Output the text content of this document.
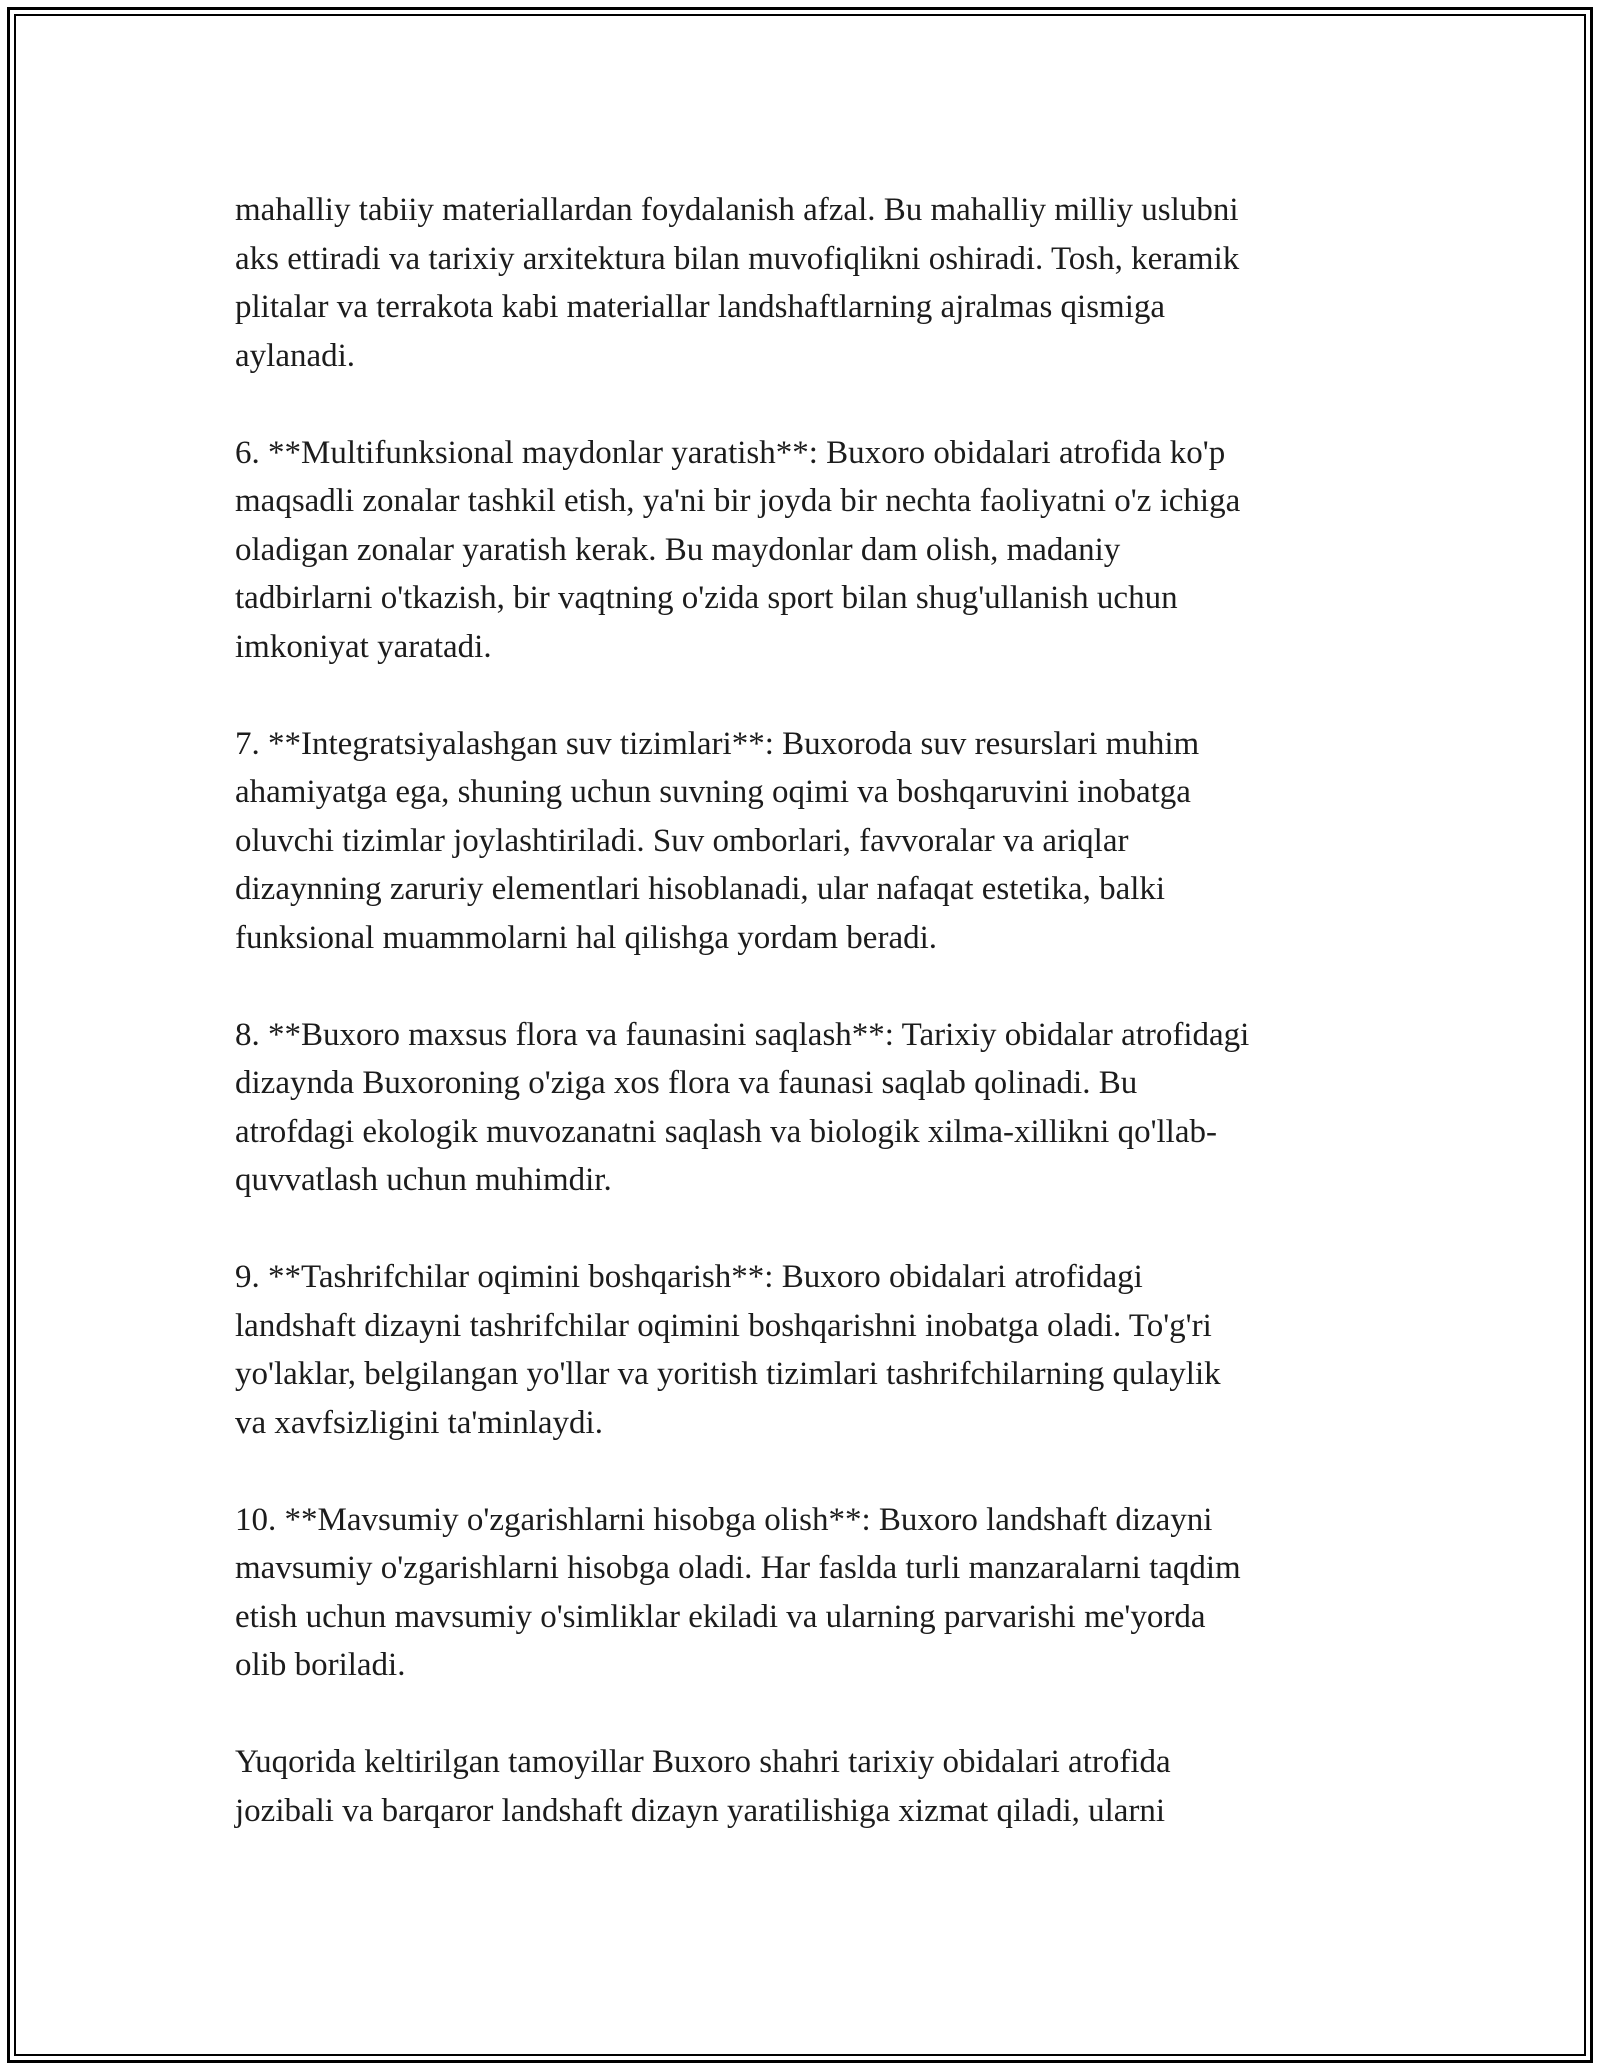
mahalliy tabiiy materiallardan foydalanish afzal. Bu mahalliy milliy uslubni
aks ettiradi va tarixiy arxitektura bilan muvofiqlikni oshiradi. Tosh, keramik
plitalar va terrakota kabi materiallar landshaftlarning ajralmas qismiga
aylanadi.

6. **Multifunksional maydonlar yaratish**: Buxoro obidalari atrofida ko'p
maqsadli zonalar tashkil etish, ya'ni bir joyda bir nechta faoliyatni o'z ichiga
oladigan zonalar yaratish kerak. Bu maydonlar dam olish, madaniy
tadbirlarni o'tkazish, bir vaqtning o'zida sport bilan shug'ullanish uchun
imkoniyat yaratadi.

7. **Integratsiyalashgan suv tizimlari**: Buxoroda suv resurslari muhim
ahamiyatga ega, shuning uchun suvning oqimi va boshqaruvini inobatga
oluvchi tizimlar joylashtiriladi. Suv omborlari, favvoralar va ariqlar
dizaynning zaruriy elementlari hisoblanadi, ular nafaqat estetika, balki
funksional muammolarni hal qilishga yordam beradi.

8. **Buxoro maxsus flora va faunasini saqlash**: Tarixiy obidalar atrofidagi
dizaynda Buxoroning o'ziga xos flora va faunasi saqlab qolinadi. Bu
atrofdagi ekologik muvozanatni saqlash va biologik xilma-xillikni qo'llab-
quvvatlash uchun muhimdir.

9. **Tashrifchilar oqimini boshqarish**: Buxoro obidalari atrofidagi
landshaft dizayni tashrifchilar oqimini boshqarishni inobatga oladi. To'g'ri
yo'laklar, belgilangan yo'llar va yoritish tizimlari tashrifchilarning qulaylik
va xavfsizligini ta'minlaydi.

10. **Mavsumiy o'zgarishlarni hisobga olish**: Buxoro landshaft dizayni
mavsumiy o'zgarishlarni hisobga oladi. Har faslda turli manzaralarni taqdim
etish uchun mavsumiy o'simliklar ekiladi va ularning parvarishi me'yorda
olib boriladi.

Yuqorida keltirilgan tamoyillar Buxoro shahri tarixiy obidalari atrofida
jozibali va barqaror landshaft dizayn yaratilishiga xizmat qiladi, ularni
